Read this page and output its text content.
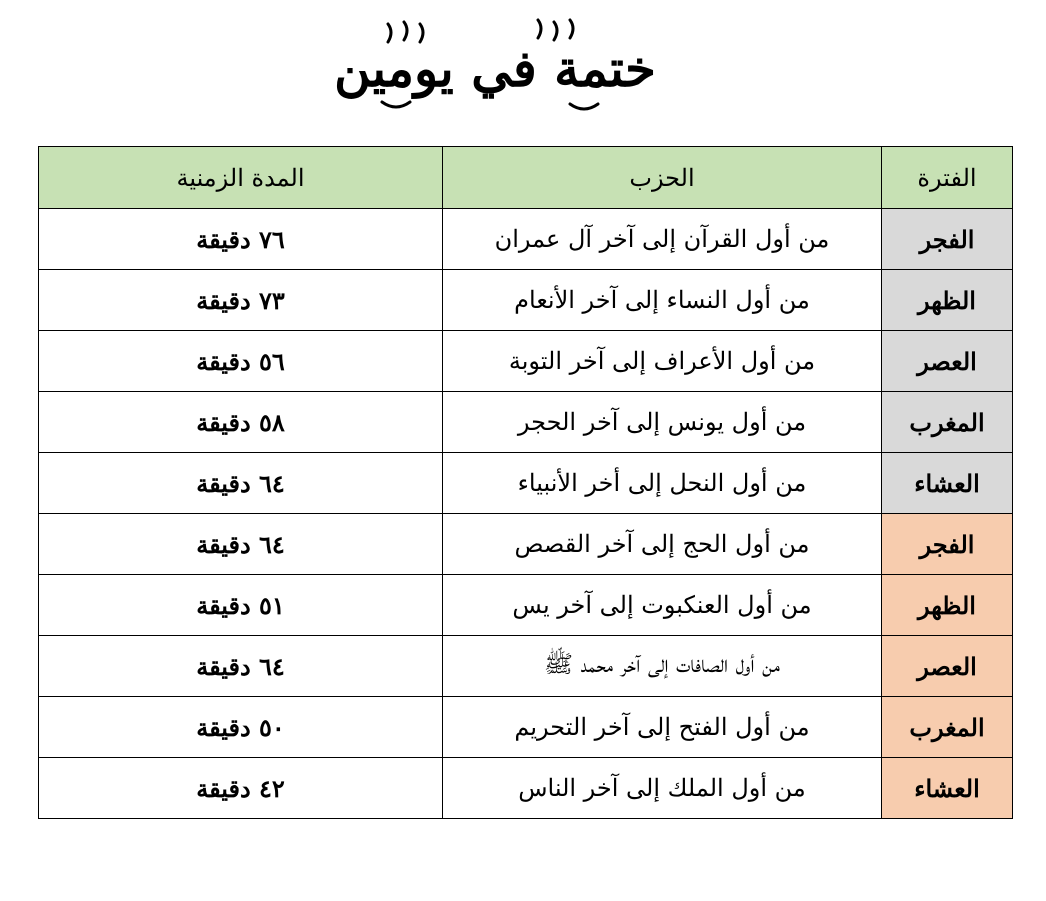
ختمة في يومين
الفترة	الحزب	المدة الزمنية
الفجر	من أول القرآن إلى آخر آل عمران	٧٦ دقيقة
الظهر	من أول النساء إلى آخر الأنعام	٧٣ دقيقة
العصر	من أول الأعراف إلى آخر التوبة	٥٦ دقيقة
المغرب	من أول يونس إلى آخر الحجر	٥٨ دقيقة
العشاء	من أول النحل إلى أخر الأنبياء	٦٤ دقيقة
الفجر	من أول الحج إلى آخر القصص	٦٤ دقيقة
الظهر	من أول العنكبوت إلى آخر يس	٥١ دقيقة
العصر	من أول الصافات إلى آخر محمد ﷺ	٦٤ دقيقة
المغرب	من أول الفتح إلى آخر التحريم	٥٠ دقيقة
العشاء	من أول الملك إلى آخر الناس	٤٢ دقيقة
